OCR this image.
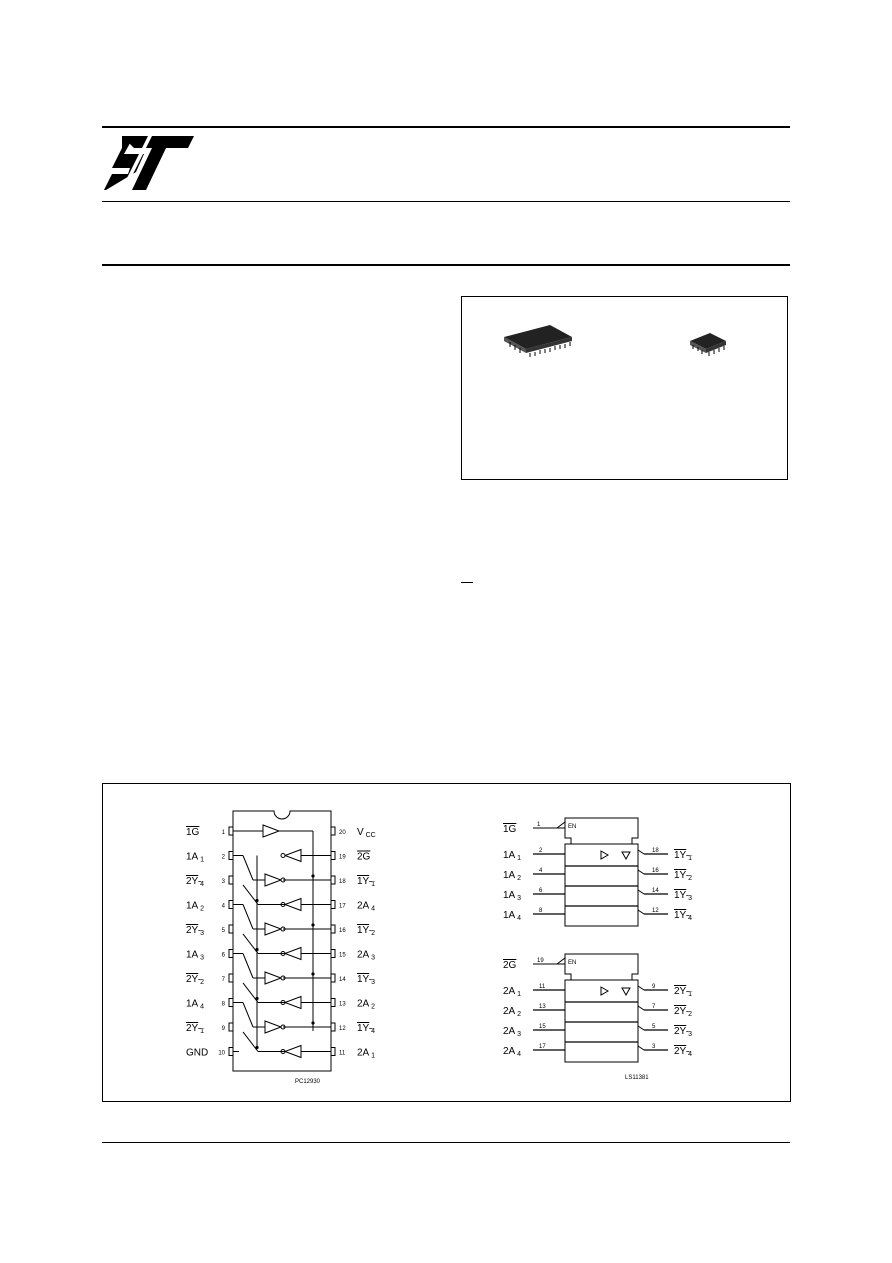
1
1G
2
1A $_1$
3
2Y $_4$
4
1A $_2$
5
2Y $_3$
6
1A $_3$
7
2Y $_2$
8
1A $_4$
9
2Y $_1$
10
GND
20 V $_{CC}$
19 2G
18 1Y $_1$
17 2A $_4$
16 1Y $_2$
15 2A $_3$
14 1Y $_3$
13 2A $_2$
12 1Y $_4$
11 2A $_1$
PC12930
EN
1
1G
2
1A $_1$
4
1A $_2$
6
1A $_3$
8
1A $_4$
18 1Y $_1$
16 1Y $_2$
14 1Y $_3$
12 1Y $_4$
EN
19
2G
11
2A $_1$
13
2A $_2$
15
2A $_3$
17
2A $_4$
9 2Y $_1$
7 2Y $_2$
5 2Y $_3$
3 2Y $_4$
LS11381
